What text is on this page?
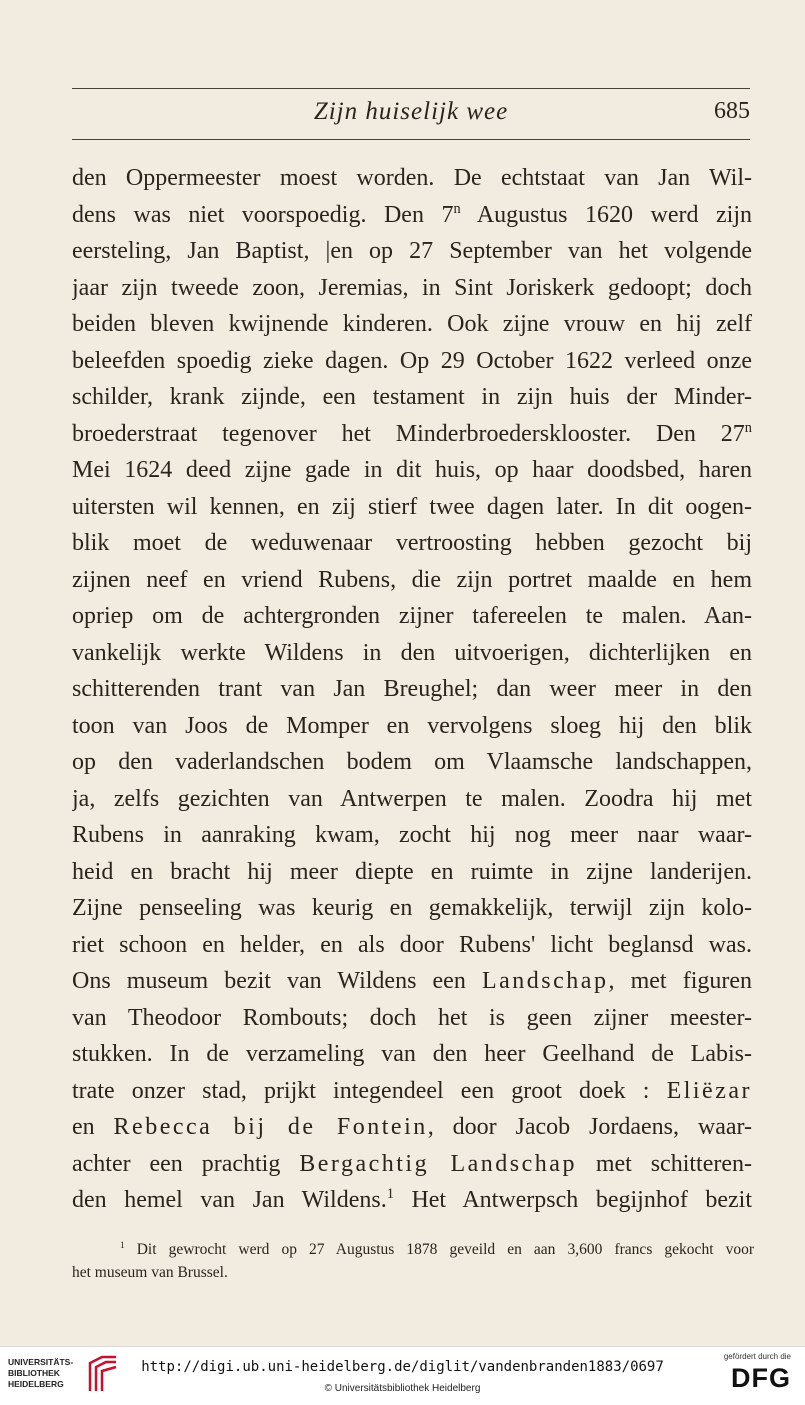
Zijn huiselijk wee	685
den Oppermeester moest worden. De echtstaat van Jan Wil-
dens was niet voorspoedig. Den 7$^n$ Augustus 1620 werd zijn
eersteling, Jan Baptist, |en op 27 September van het volgende
jaar zijn tweede zoon, Jeremias, in Sint Joriskerk gedoopt; doch
beiden bleven kwijnende kinderen. Ook zijne vrouw en hij zelf
beleefden spoedig zieke dagen. Op 29 October 1622 verleed onze
schilder, krank zijnde, een testament in zijn huis der Minder-
broederstraat tegenover het Minderbroedersklooster. Den 27$^n$
Mei 1624 deed zijne gade in dit huis, op haar doodsbed, haren
uitersten wil kennen, en zij stierf twee dagen later. In dit oogen-
blik moet de weduwenaar vertroosting hebben gezocht bij
zijnen neef en vriend Rubens, die zijn portret maalde en hem
opriep om de achtergronden zijner tafereelen te malen. Aan-
vankelijk werkte Wildens in den uitvoerigen, dichterlijken en
schitterenden trant van Jan Breughel; dan weer meer in den
toon van Joos de Momper en vervolgens sloeg hij den blik
op den vaderlandschen bodem om Vlaamsche landschappen,
ja, zelfs gezichten van Antwerpen te malen. Zoodra hij met
Rubens in aanraking kwam, zocht hij nog meer naar waar-
heid en bracht hij meer diepte en ruimte in zijne landerijen.
Zijne penseeling was keurig en gemakkelijk, terwijl zijn kolo-
riet schoon en helder, en als door Rubens' licht beglansd was.
Ons museum bezit van Wildens een Landschap, met figuren
van Theodoor Rombouts; doch het is geen zijner meester-
stukken. In de verzameling van den heer Geelhand de Labis-
trate onzer stad, prijkt integendeel een groot doek : Eliëzar
en Rebecca bij de Fontein, door Jacob Jordaens, waar-
achter een prachtig Bergachtig Landschap met schitteren-
den hemel van Jan Wildens.$^1$ Het Antwerpsch begijnhof bezit
$^1$ Dit gewrocht werd op 27 Augustus 1878 geveild en aan 3,600 francs gekocht voor
het museum van Brussel.
UNIVERSITÄTS-
BIBLIOTHEK
HEIDELBERG
http://digi.ub.uni-heidelberg.de/diglit/vandenbranden1883/0697
© Universitätsbibliothek Heidelberg
gefördert durch die
DFG
